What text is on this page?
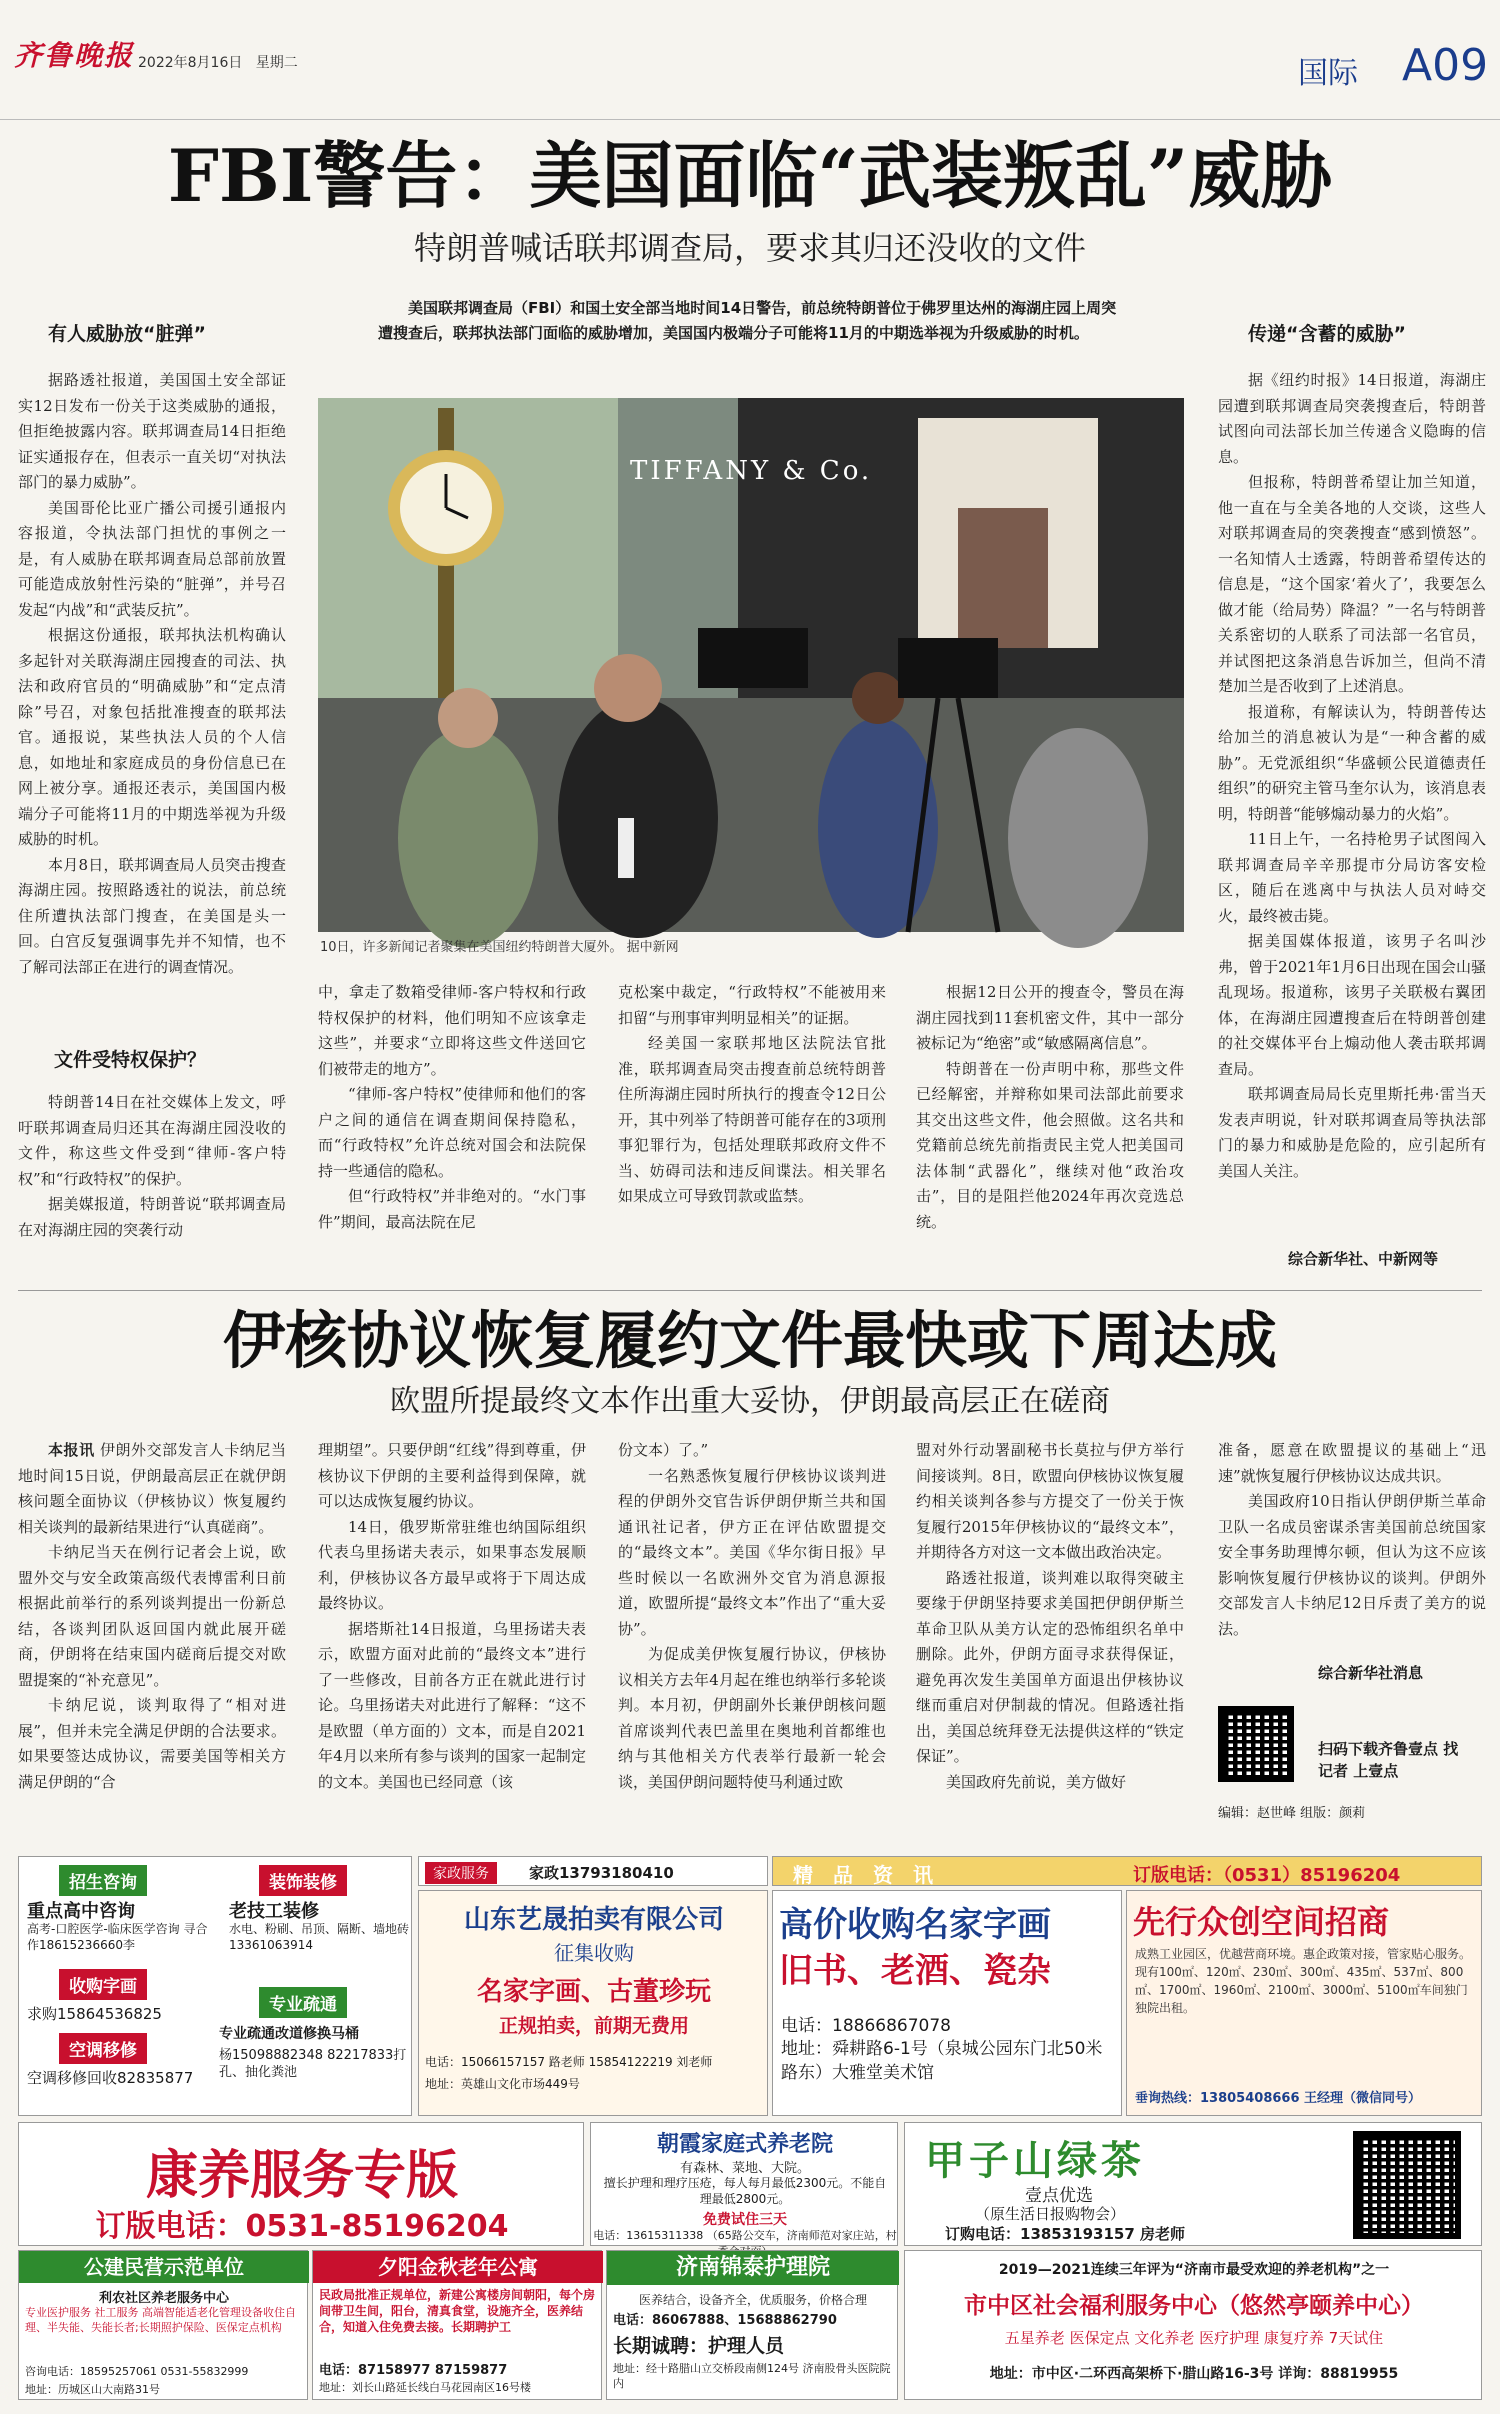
齐鲁晚报 2022年8月16日 星期二	国际 A09
FBI警告：美国面临“武装叛乱”威胁
特朗普喊话联邦调查局，要求其归还没收的文件
美国联邦调查局（FBI）和国土安全部当地时间14日警告，前总统特朗普位于佛罗里达州的海湖庄园上周突遭搜查后，联邦执法部门面临的威胁增加，美国国内极端分子可能将11月的中期选举视为升级威胁的时机。
有人威胁放“脏弹”

据路透社报道，美国国土安全部证实12日发布一份关于这类威胁的通报，但拒绝披露内容。联邦调查局14日拒绝证实通报存在，但表示一直关切“对执法部门的暴力威胁”。

美国哥伦比亚广播公司援引通报内容报道，令执法部门担忧的事例之一是，有人威胁在联邦调查局总部前放置可能造成放射性污染的“脏弹”，并号召发起“内战”和“武装反抗”。

根据这份通报，联邦执法机构确认多起针对关联海湖庄园搜查的司法、执法和政府官员的“明确威胁”和“定点清除”号召，对象包括批准搜查的联邦法官。通报说，某些执法人员的个人信息，如地址和家庭成员的身份信息已在网上被分享。通报还表示，美国国内极端分子可能将11月的中期选举视为升级威胁的时机。

本月8日，联邦调查局人员突击搜查海湖庄园。按照路透社的说法，前总统住所遭执法部门搜查，在美国是头一回。白宫反复强调事先并不知情，也不了解司法部正在进行的调查情况。

文件受特权保护？

特朗普14日在社交媒体上发文，呼吁联邦调查局归还其在海湖庄园没收的文件，称这些文件受到“律师-客户特权”和“行政特权”的保护。

据美媒报道，特朗普说“联邦调查局在对海湖庄园的突袭行动

TIFFANY & Co.
10日，许多新闻记者聚集在美国纽约特朗普大厦外。 据中新网

中，拿走了数箱受律师-客户特权和行政特权保护的材料，他们明知不应该拿走这些”，并要求“立即将这些文件送回它们被带走的地方”。

“律师-客户特权”使律师和他们的客户之间的通信在调查期间保持隐私，而“行政特权”允许总统对国会和法院保持一些通信的隐私。

但“行政特权”并非绝对的。“水门事件”期间，最高法院在尼

克松案中裁定，“行政特权”不能被用来扣留“与刑事审判明显相关”的证据。

经美国一家联邦地区法院法官批准，联邦调查局突击搜查前总统特朗普住所海湖庄园时所执行的搜查令12日公开，其中列举了特朗普可能存在的3项刑事犯罪行为，包括处理联邦政府文件不当、妨碍司法和违反间谍法。相关罪名如果成立可导致罚款或监禁。

根据12日公开的搜查令，警员在海湖庄园找到11套机密文件，其中一部分被标记为“绝密”或“敏感隔离信息”。

特朗普在一份声明中称，那些文件已经解密，并辩称如果司法部此前要求其交出这些文件，他会照做。这名共和党籍前总统先前指责民主党人把美国司法体制“武器化”，继续对他“政治攻击”，目的是阻拦他2024年再次竞选总统。

传递“含蓄的威胁”

据《纽约时报》14日报道，海湖庄园遭到联邦调查局突袭搜查后，特朗普试图向司法部长加兰传递含义隐晦的信息。

但报称，特朗普希望让加兰知道，他一直在与全美各地的人交谈，这些人对联邦调查局的突袭搜查“感到愤怒”。一名知情人士透露，特朗普希望传达的信息是，“这个国家‘着火了’，我要怎么做才能（给局势）降温？”一名与特朗普关系密切的人联系了司法部一名官员，并试图把这条消息告诉加兰，但尚不清楚加兰是否收到了上述消息。

报道称，有解读认为，特朗普传达给加兰的消息被认为是“一种含蓄的威胁”。无党派组织“华盛顿公民道德责任组织”的研究主管马奎尔认为，该消息表明，特朗普“能够煽动暴力的火焰”。

11日上午，一名持枪男子试图闯入联邦调查局辛辛那提市分局访客安检区，随后在逃离中与执法人员对峙交火，最终被击毙。

据美国媒体报道，该男子名叫沙弗，曾于2021年1月6日出现在国会山骚乱现场。报道称，该男子关联极右翼团体，在海湖庄园遭搜查后在特朗普创建的社交媒体平台上煽动他人袭击联邦调查局。

联邦调查局局长克里斯托弗·雷当天发表声明说，针对联邦调查局等执法部门的暴力和威胁是危险的，应引起所有美国人关注。

综合新华社、中新网等
伊核协议恢复履约文件最快或下周达成
欧盟所提最终文本作出重大妥协，伊朗最高层正在磋商

本报讯 伊朗外交部发言人卡纳尼当地时间15日说，伊朗最高层正在就伊朗核问题全面协议（伊核协议）恢复履约相关谈判的最新结果进行“认真磋商”。

卡纳尼当天在例行记者会上说，欧盟外交与安全政策高级代表博雷利日前根据此前举行的系列谈判提出一份新总结，各谈判团队返回国内就此展开磋商，伊朗将在结束国内磋商后提交对欧盟提案的“补充意见”。

卡纳尼说，谈判取得了“相对进展”，但并未完全满足伊朗的合法要求。如果要签达成协议，需要美国等相关方满足伊朗的“合

理期望”。只要伊朗“红线”得到尊重，伊核协议下伊朗的主要利益得到保障，就可以达成恢复履约协议。

14日，俄罗斯常驻维也纳国际组织代表乌里扬诺夫表示，如果事态发展顺利，伊核协议各方最早或将于下周达成最终协议。

据塔斯社14日报道，乌里扬诺夫表示，欧盟方面对此前的“最终文本”进行了一些修改，目前各方正在就此进行讨论。乌里扬诺夫对此进行了解释：“这不是欧盟（单方面的）文本，而是自2021年4月以来所有参与谈判的国家一起制定的文本。美国也已经同意（该

份文本）了。”

一名熟悉恢复履行伊核协议谈判进程的伊朗外交官告诉伊朗伊斯兰共和国通讯社记者，伊方正在评估欧盟提交的“最终文本”。美国《华尔街日报》早些时候以一名欧洲外交官为消息源报道，欧盟所提“最终文本”作出了“重大妥协”。

为促成美伊恢复履行协议，伊核协议相关方去年4月起在维也纳举行多轮谈判。本月初，伊朗副外长兼伊朗核问题首席谈判代表巴盖里在奥地利首都维也纳与其他相关方代表举行最新一轮会谈，美国伊朗问题特使马利通过欧

盟对外行动署副秘书长莫拉与伊方举行间接谈判。8日，欧盟向伊核协议恢复履约相关谈判各参与方提交了一份关于恢复履行2015年伊核协议的“最终文本”，并期待各方对这一文本做出政治决定。

路透社报道，谈判难以取得突破主要缘于伊朗坚持要求美国把伊朗伊斯兰革命卫队从美方认定的恐怖组织名单中删除。此外，伊朗方面寻求获得保证，避免再次发生美国单方面退出伊核协议继而重启对伊制裁的情况。但路透社指出，美国总统拜登无法提供这样的“铁定保证”。

美国政府先前说，美方做好

准备，愿意在欧盟提议的基础上“迅速”就恢复履行伊核协议达成共识。

美国政府10日指认伊朗伊斯兰革命卫队一名成员密谋杀害美国前总统国家安全事务助理博尔顿，但认为这不应该影响恢复履行伊核协议的谈判。伊朗外交部发言人卡纳尼12日斥责了美方的说法。

综合新华社消息
扫码下载齐鲁壹点 找记者 上壹点
编辑：赵世峰 组版：颜莉
招生咨询
重点高中咨询
高考-口腔医学-临床医学咨询 寻合作18615236660李
收购字画
求购15864536825
空调移修
空调移修回收82835877
装饰装修
老技工装修
水电、粉刷、吊顶、隔断、墙地砖13361063914
专业疏通
专业疏通改道修换马桶
杨15098882348 82217833打孔、抽化粪池
家政服务	家政13793180410
山东艺晟拍卖有限公司
征集收购
名家字画、古董珍玩
正规拍卖，前期无费用
电话：15066157157 路老师 15854122219 刘老师
地址：英雄山文化市场449号
精品资讯	订版电话：（0531）85196204
高价收购名家字画
旧书、老酒、瓷杂
电话：18866867078
地址：舜耕路6-1号（泉城公园东门北50米路东）大雅堂美术馆
先行众创空间招商
成熟工业园区，优越营商环境。惠企政策对接，管家贴心服务。现有100㎡、120㎡、230㎡、300㎡、435㎡、537㎡、800㎡、1700㎡、1960㎡、2100㎡、3000㎡、5100㎡车间独门独院出租。
垂询热线：13805408666 王经理（微信同号）
康养服务专版
订版电话：0531-85196204
朝霞家庭式养老院
有森林、菜地、大院。
擅长护理和理疗压疮，每人每月最低2300元。不能自理最低2800元。
免费试住三天
电话：13615311338 （65路公交车，济南师范对家庄站，村
甲子山绿茶
壹点优选
（原生活日报购物会）
订购电话：13853193157 房老师
公建民营示范单位
利农社区养老服务中心
专业医护服务 社工服务 高端智能适老化管理设备收住自理、半失能、失能长者;长期照护保险、医保定点机构
咨询电话：18595257061 0531-55832999
地址：历城区山大南路31号
夕阳金秋老年公寓
民政局批准正规单位，新建公寓楼房间朝阳，每个房间带卫生间，阳台，清真食堂，设施齐全，医养结合，知道入住免费去接。长期聘护工
电话：87158977 87159877
地址：刘长山路延长线白马花园南区16号楼
济南锦泰护理院
医养结合，设备齐全，优质服务，价格合理
电话：86067888、15688862790
长期诚聘：护理人员
地址：经十路腊山立交桥段南侧124号 济南股骨头医院院内
2019—2021连续三年评为“济南市最受欢迎的养老机构”之一
市中区社会福利服务中心（悠然亭颐养中心）
五星养老 医保定点 文化养老 医疗护理 康复疗养 7天试住
地址：市中区·二环西高架桥下·腊山路16-3号 详询：88819955
